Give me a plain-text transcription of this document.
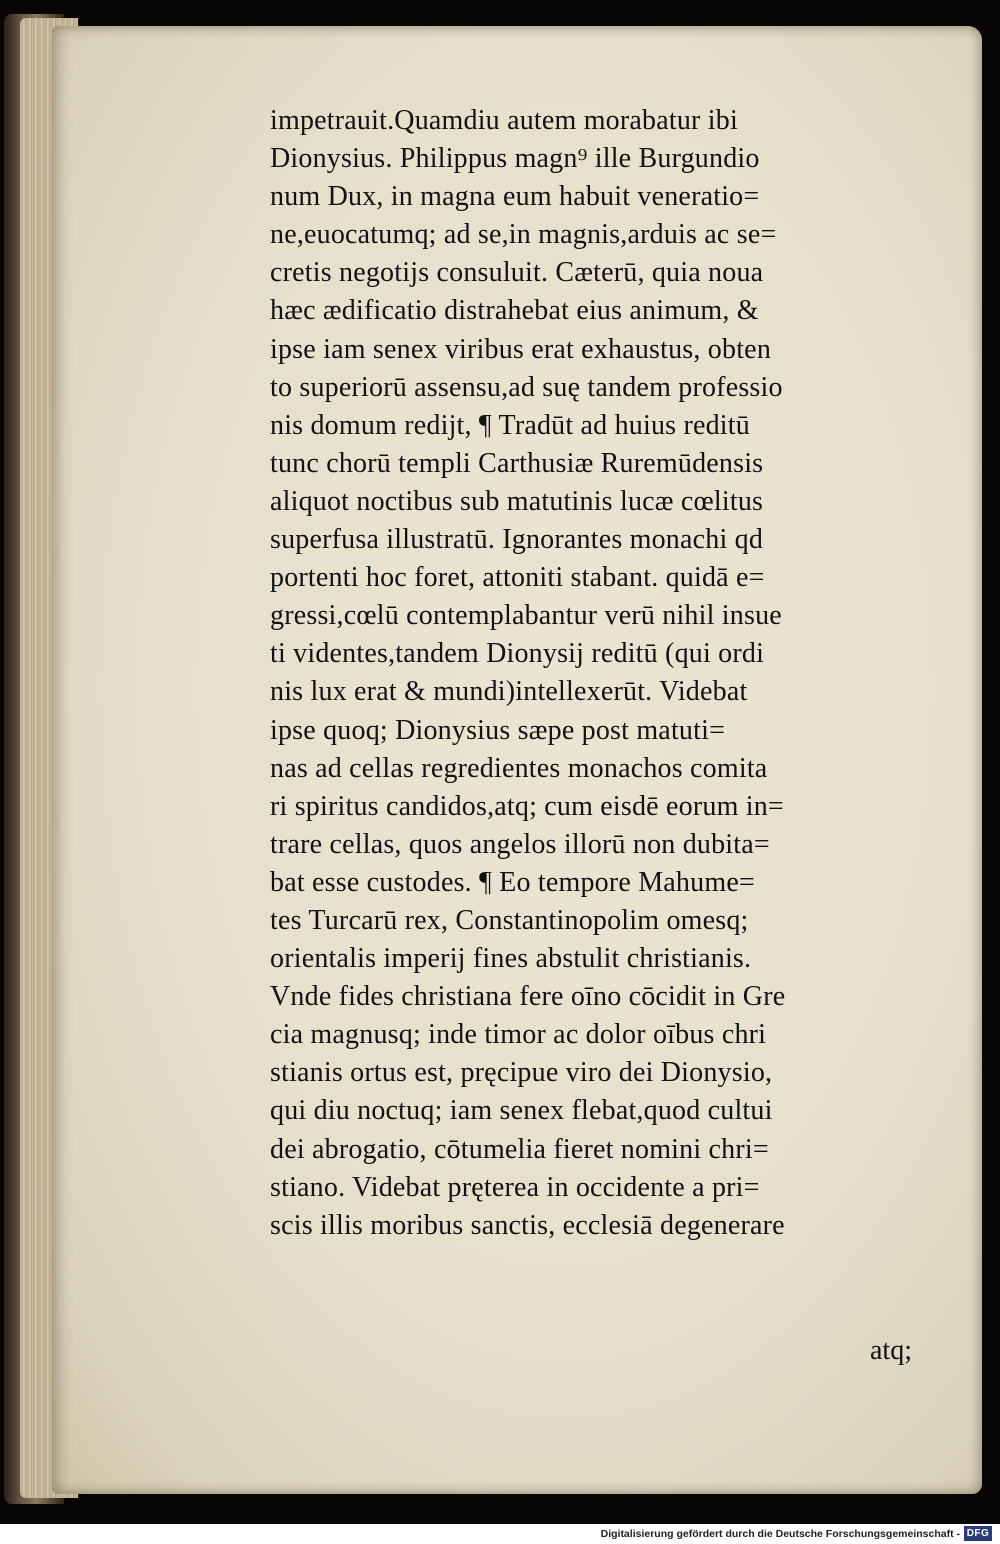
impetrauit.Quamdiu autem morabatur ibi
Dionysius. Philippus magn⁹ ille Burgundio
num Dux, in magna eum habuit veneratio=
ne,euocatumq; ad se,in magnis,arduis ac se=
cretis negotijs consuluit. Cæterū, quia noua
hæc ædificatio distrahebat eius animum, &
ipse iam senex viribus erat exhaustus, obten
to superiorū assensu,ad suę tandem professio
nis domum redijt, ¶ Tradūt ad huius reditū
tunc chorū templi Carthusiæ Ruremūdensis
aliquot noctibus sub matutinis lucæ cœlitus
superfusa illustratū. Ignorantes monachi qd
portenti hoc foret, attoniti stabant. quidā e=
gressi,cœlū contemplabantur verū nihil insue
ti videntes,tandem Dionysij reditū (qui ordi
nis lux erat & mundi)intellexerūt. Videbat
ipse quoq; Dionysius sæpe post matuti=
nas ad cellas regredientes monachos comita
ri spiritus candidos,atq; cum eisdē eorum in=
trare cellas, quos angelos illorū non dubita=
bat esse custodes. ¶ Eo tempore Mahume=
tes Turcarū rex, Constantinopolim omesq;
orientalis imperij fines abstulit christianis.
Vnde fides christiana fere oīno cōcidit in Gre
cia magnusq; inde timor ac dolor oībus chri
stianis ortus est, pręcipue viro dei Dionysio,
qui diu noctuq; iam senex flebat,quod cultui
dei abrogatio, cōtumelia fieret nomini chri=
stiano. Videbat pręterea in occidente a pri=
scis illis moribus sanctis, ecclesiā degenerare
atq;
Digitalisierung gefördert durch die Deutsche Forschungsgemeinschaft - DFG
